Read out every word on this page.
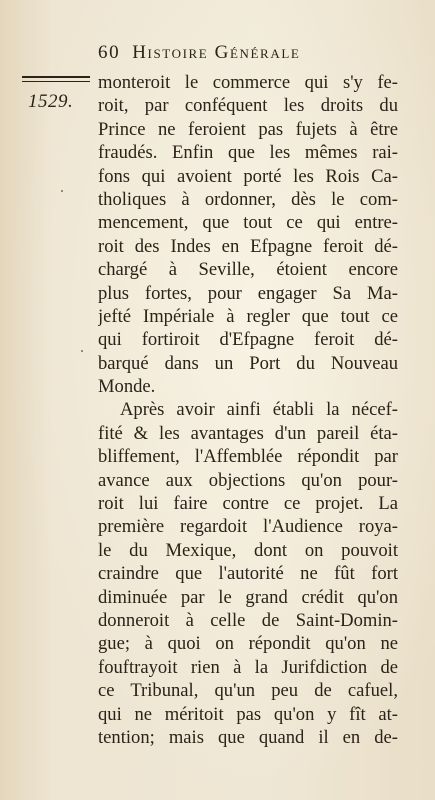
60 Histoire Générale
1529.
monteroit le commerce qui s'y fe-
roit, par conféquent les droits du
Prince ne feroient pas fujets à être
fraudés. Enfin que les mêmes rai-
fons qui avoient porté les Rois Ca-
tholiques à ordonner, dès le com-
mencement, que tout ce qui entre-
roit des Indes en Efpagne feroit dé-
chargé à Seville, étoient encore
plus fortes, pour engager Sa Ma-
jefté Impériale à regler que tout ce
qui fortiroit d'Efpagne feroit dé-
barqué dans un Port du Nouveau
Monde.
Après avoir ainfi établi la nécef-
fité & les avantages d'un pareil éta-
bliffement, l'Affemblée répondit par
avance aux objections qu'on pour-
roit lui faire contre ce projet. La
première regardoit l'Audience roya-
le du Mexique, dont on pouvoit
craindre que l'autorité ne fût fort
diminuée par le grand crédit qu'on
donneroit à celle de Saint-Domin-
gue; à quoi on répondit qu'on ne
fouftrayoit rien à la Jurifdiction de
ce Tribunal, qu'un peu de cafuel,
qui ne méritoit pas qu'on y fît at-
tention; mais que quand il en de-
